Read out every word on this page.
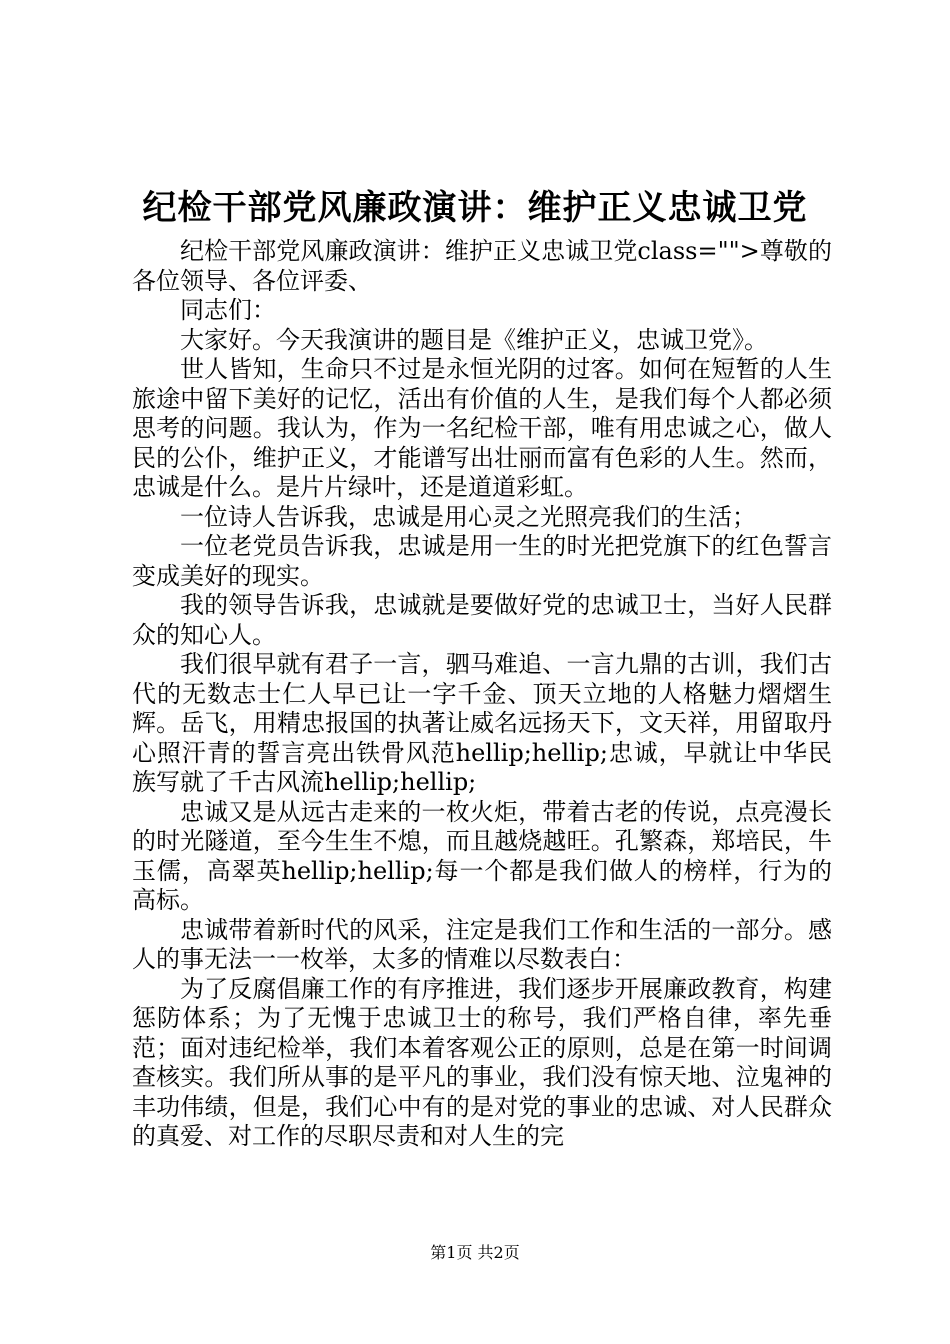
纪检干部党风廉政演讲：维护正义忠诚卫党

纪检干部党风廉政演讲：维护正义忠诚卫党class="">尊敬的各位领导、各位评委、

同志们：

大家好。今天我演讲的题目是《维护正义，忠诚卫党》。

世人皆知，生命只不过是永恒光阴的过客。如何在短暂的人生旅途中留下美好的记忆，活出有价值的人生，是我们每个人都必须思考的问题。我认为，作为一名纪检干部，唯有用忠诚之心，做人民的公仆，维护正义，才能谱写出壮丽而富有色彩的人生。然而，忠诚是什么。是片片绿叶，还是道道彩虹。

一位诗人告诉我，忠诚是用心灵之光照亮我们的生活；

一位老党员告诉我，忠诚是用一生的时光把党旗下的红色誓言变成美好的现实。

我的领导告诉我，忠诚就是要做好党的忠诚卫士，当好人民群众的知心人。

我们很早就有君子一言，驷马难追、一言九鼎的古训，我们古代的无数志士仁人早已让一字千金、顶天立地的人格魅力熠熠生辉。岳飞，用精忠报国的执著让威名远扬天下，文天祥，用留取丹心照汗青的誓言亮出铁骨风范hellip;hellip;忠诚，早就让中华民族写就了千古风流hellip;hellip;

忠诚又是从远古走来的一枚火炬，带着古老的传说，点亮漫长的时光隧道，至今生生不熄，而且越烧越旺。孔繁森，郑培民，牛玉儒，高翠英hellip;hellip;每一个都是我们做人的榜样，行为的高标。

忠诚带着新时代的风采，注定是我们工作和生活的一部分。感人的事无法一一枚举，太多的情难以尽数表白：

为了反腐倡廉工作的有序推进，我们逐步开展廉政教育，构建惩防体系；为了无愧于忠诚卫士的称号，我们严格自律，率先垂范；面对违纪检举，我们本着客观公正的原则，总是在第一时间调查核实。我们所从事的是平凡的事业，我们没有惊天地、泣鬼神的丰功伟绩，但是，我们心中有的是对党的事业的忠诚、对人民群众的真爱、对工作的尽职尽责和对人生的完

第1页 共2页
